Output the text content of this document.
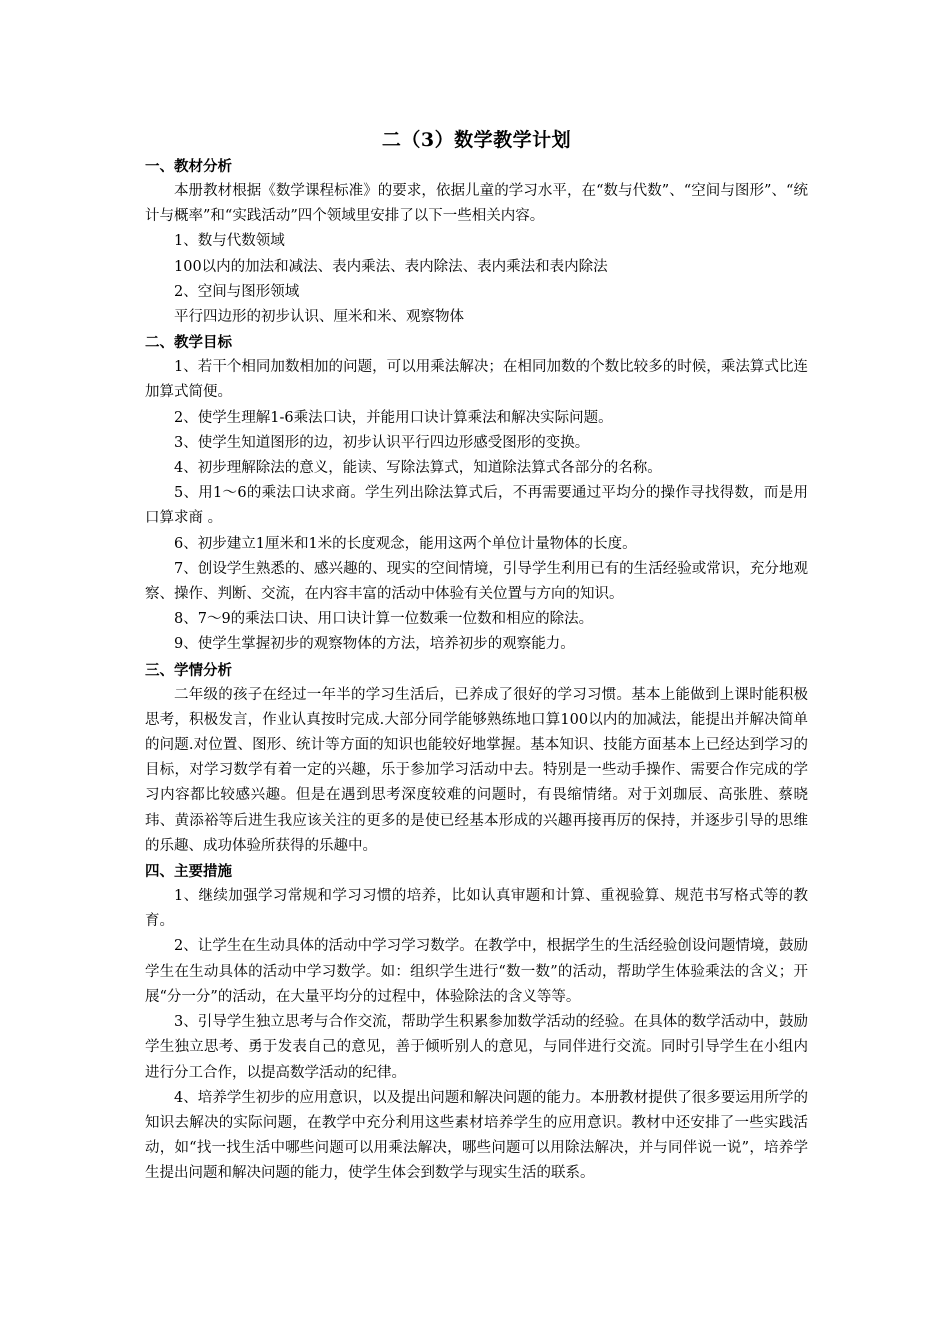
二（3）数学教学计划
一、教材分析

本册教材根据《数学课程标准》的要求，依据儿童的学习水平，在“数与代数”、“空间与图形”、“统计与概率”和“实践活动”四个领域里安排了以下一些相关内容。

1、数与代数领域

100以内的加法和减法、表内乘法、表内除法、表内乘法和表内除法

2、空间与图形领域

平行四边形的初步认识、厘米和米、观察物体

二、教学目标

1、若干个相同加数相加的问题，可以用乘法解决；在相同加数的个数比较多的时候，乘法算式比连加算式简便。

2、使学生理解1-6乘法口诀，并能用口诀计算乘法和解决实际问题。

3、使学生知道图形的边，初步认识平行四边形感受图形的变换。

4、初步理解除法的意义，能读、写除法算式，知道除法算式各部分的名称。

5、用1～6的乘法口诀求商。学生列出除法算式后，不再需要通过平均分的操作寻找得数，而是用口算求商 。

6、初步建立1厘米和1米的长度观念，能用这两个单位计量物体的长度。

7、创设学生熟悉的、感兴趣的、现实的空间情境，引导学生利用已有的生活经验或常识，充分地观察、操作、判断、交流，在内容丰富的活动中体验有关位置与方向的知识。

8、7～9的乘法口诀、用口诀计算一位数乘一位数和相应的除法。

9、使学生掌握初步的观察物体的方法，培养初步的观察能力。

三、学情分析

二年级的孩子在经过一年半的学习生活后，已养成了很好的学习习惯。基本上能做到上课时能积极思考，积极发言，作业认真按时完成.大部分同学能够熟练地口算100以内的加减法，能提出并解决简单的问题.对位置、图形、统计等方面的知识也能较好地掌握。基本知识、技能方面基本上已经达到学习的目标，对学习数学有着一定的兴趣，乐于参加学习活动中去。特别是一些动手操作、需要合作完成的学习内容都比较感兴趣。但是在遇到思考深度较难的问题时，有畏缩情绪。对于刘珈辰、高张胜、蔡晓玮、黄添裕等后进生我应该关注的更多的是使已经基本形成的兴趣再接再厉的保持，并逐步引导的思维的乐趣、成功体验所获得的乐趣中。

四、主要措施

1、继续加强学习常规和学习习惯的培养，比如认真审题和计算、重视验算、规范书写格式等的教育。

2、让学生在生动具体的活动中学习学习数学。在教学中，根据学生的生活经验创设问题情境，鼓励学生在生动具体的活动中学习数学。如：组织学生进行“数一数”的活动，帮助学生体验乘法的含义；开展“分一分”的活动，在大量平均分的过程中，体验除法的含义等等。

3、引导学生独立思考与合作交流，帮助学生积累参加数学活动的经验。在具体的数学活动中，鼓励学生独立思考、勇于发表自己的意见，善于倾听别人的意见，与同伴进行交流。同时引导学生在小组内进行分工合作，以提高数学活动的纪律。

4、培养学生初步的应用意识，以及提出问题和解决问题的能力。本册教材提供了很多要运用所学的知识去解决的实际问题，在教学中充分利用这些素材培养学生的应用意识。教材中还安排了一些实践活动，如“找一找生活中哪些问题可以用乘法解决，哪些问题可以用除法解决，并与同伴说一说”，培养学生提出问题和解决问题的能力，使学生体会到数学与现实生活的联系。
